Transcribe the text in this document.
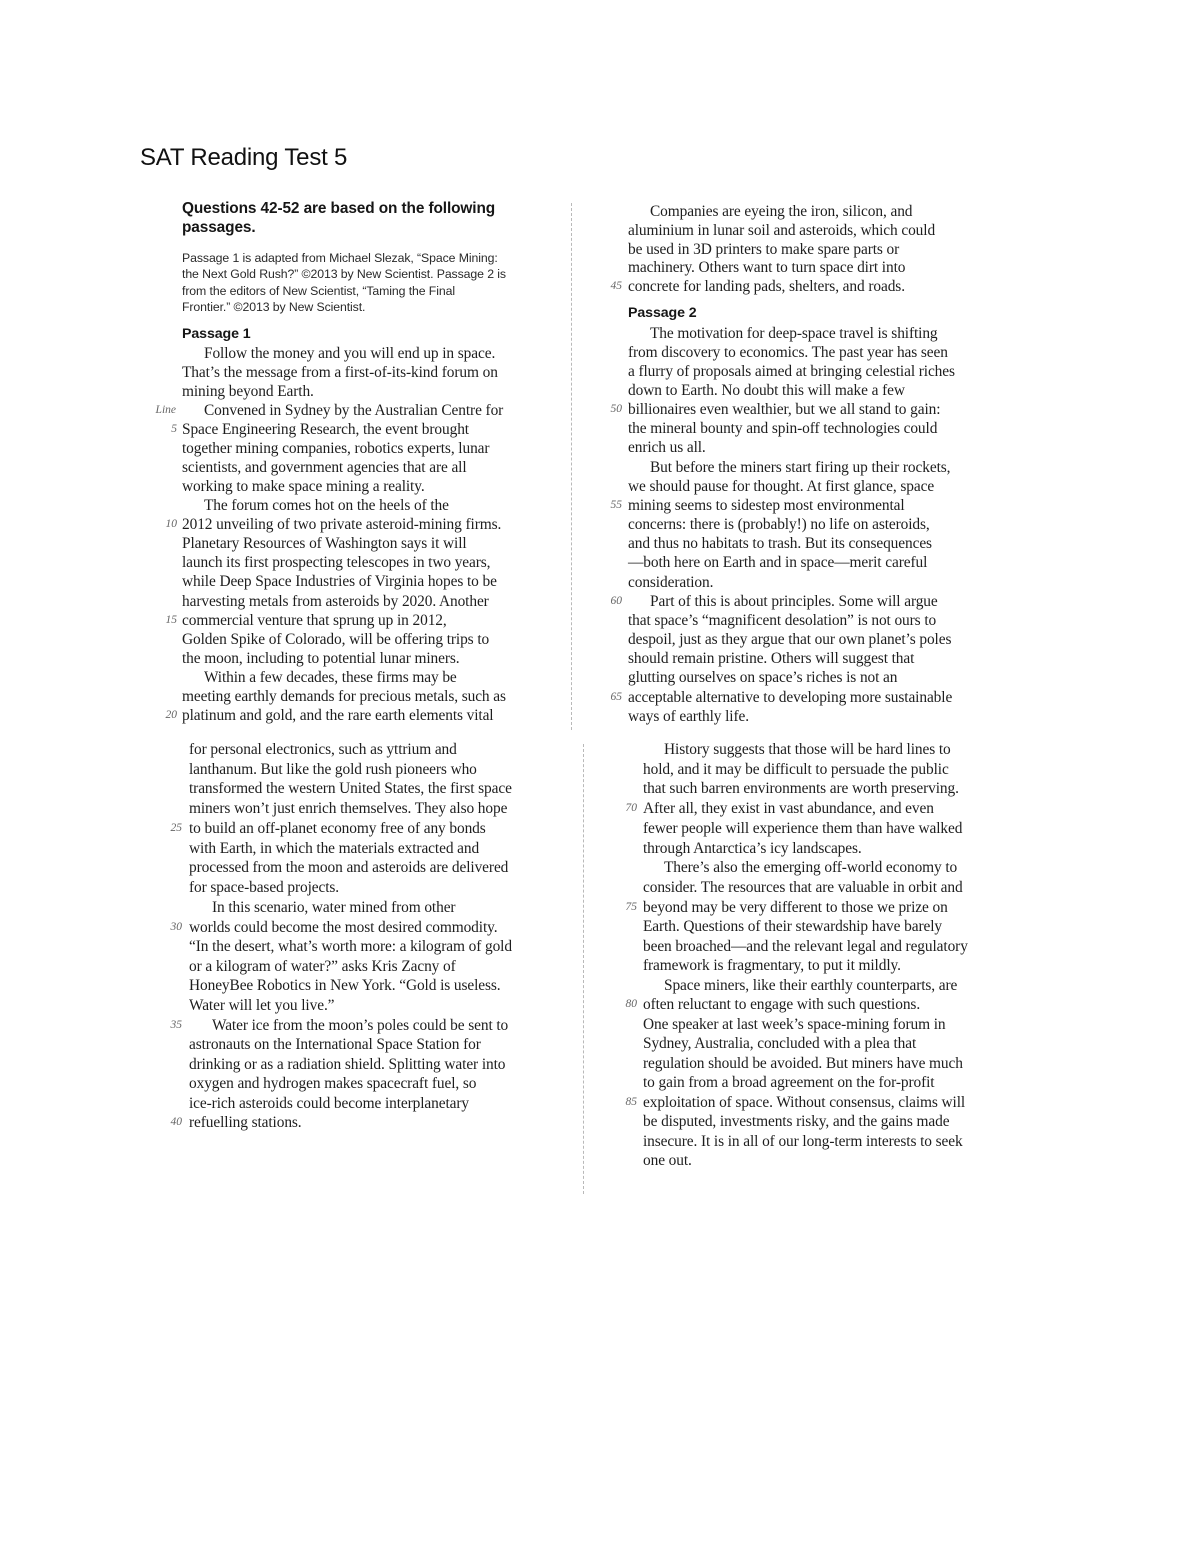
SAT Reading Test 5
Questions 42-52 are based on the following
passages.
Passage 1 is adapted from Michael Slezak, “Space Mining:
the Next Gold Rush?” ©2013 by New Scientist. Passage 2 is
from the editors of New Scientist, “Taming the Final
Frontier.” ©2013 by New Scientist.
Passage 1
Follow the money and you will end up in space.
That’s the message from a first-of-its-kind forum on
mining beyond Earth.
Line Convened in Sydney by the Australian Centre for
5 Space Engineering Research, the event brought
together mining companies, robotics experts, lunar
scientists, and government agencies that are all
working to make space mining a reality.
The forum comes hot on the heels of the
10 2012 unveiling of two private asteroid-mining firms.
Planetary Resources of Washington says it will
launch its first prospecting telescopes in two years,
while Deep Space Industries of Virginia hopes to be
harvesting metals from asteroids by 2020. Another
15 commercial venture that sprung up in 2012,
Golden Spike of Colorado, will be offering trips to
the moon, including to potential lunar miners.
Within a few decades, these firms may be
meeting earthly demands for precious metals, such as
20 platinum and gold, and the rare earth elements vital
for personal electronics, such as yttrium and
lanthanum. But like the gold rush pioneers who
transformed the western United States, the first space
miners won’t just enrich themselves. They also hope
25 to build an off-planet economy free of any bonds
with Earth, in which the materials extracted and
processed from the moon and asteroids are delivered
for space-based projects.
In this scenario, water mined from other
30 worlds could become the most desired commodity.
“In the desert, what’s worth more: a kilogram of gold
or a kilogram of water?” asks Kris Zacny of
HoneyBee Robotics in New York. “Gold is useless.
Water will let you live.”
35 Water ice from the moon’s poles could be sent to
astronauts on the International Space Station for
drinking or as a radiation shield. Splitting water into
oxygen and hydrogen makes spacecraft fuel, so
ice-rich asteroids could become interplanetary
40 refuelling stations.
Companies are eyeing the iron, silicon, and
aluminium in lunar soil and asteroids, which could
be used in 3D printers to make spare parts or
machinery. Others want to turn space dirt into
45 concrete for landing pads, shelters, and roads.
Passage 2
The motivation for deep-space travel is shifting
from discovery to economics. The past year has seen
a flurry of proposals aimed at bringing celestial riches
down to Earth. No doubt this will make a few
50 billionaires even wealthier, but we all stand to gain:
the mineral bounty and spin-off technologies could
enrich us all.
But before the miners start firing up their rockets,
we should pause for thought. At first glance, space
55 mining seems to sidestep most environmental
concerns: there is (probably!) no life on asteroids,
and thus no habitats to trash. But its consequences
—both here on Earth and in space—merit careful
consideration.
60 Part of this is about principles. Some will argue
that space’s “magnificent desolation” is not ours to
despoil, just as they argue that our own planet’s poles
should remain pristine. Others will suggest that
glutting ourselves on space’s riches is not an
65 acceptable alternative to developing more sustainable
ways of earthly life.
History suggests that those will be hard lines to
hold, and it may be difficult to persuade the public
that such barren environments are worth preserving.
70 After all, they exist in vast abundance, and even
fewer people will experience them than have walked
through Antarctica’s icy landscapes.
There’s also the emerging off-world economy to
consider. The resources that are valuable in orbit and
75 beyond may be very different to those we prize on
Earth. Questions of their stewardship have barely
been broached—and the relevant legal and regulatory
framework is fragmentary, to put it mildly.
Space miners, like their earthly counterparts, are
80 often reluctant to engage with such questions.
One speaker at last week’s space-mining forum in
Sydney, Australia, concluded with a plea that
regulation should be avoided. But miners have much
to gain from a broad agreement on the for-profit
85 exploitation of space. Without consensus, claims will
be disputed, investments risky, and the gains made
insecure. It is in all of our long-term interests to seek
one out.
